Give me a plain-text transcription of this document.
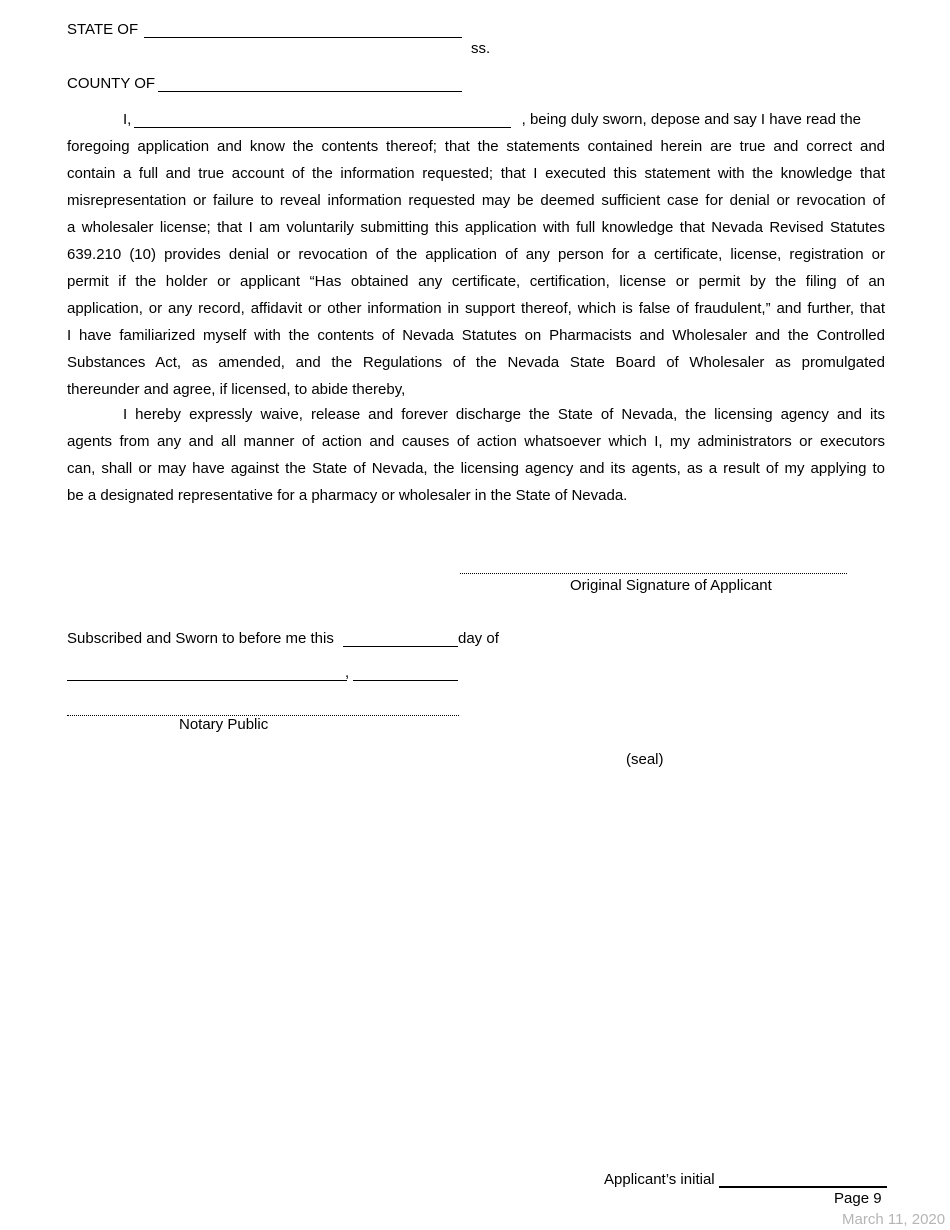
STATE OF
ss.
COUNTY OF
I,	, being duly sworn, depose and say I have read the
foregoing application and know the contents thereof; that the statements contained herein are true and correct and
contain a full and true account of the information requested; that I executed this statement with the knowledge that
misrepresentation or failure to reveal information requested may be deemed sufficient case for denial or revocation of
a wholesaler license; that I am voluntarily submitting this application with full knowledge that Nevada Revised Statutes
639.210 (10) provides denial or revocation of the application of any person for a certificate, license, registration or
permit if the holder or applicant “Has obtained any certificate, certification, license or permit by the filing of an
application, or any record, affidavit or other information in support thereof, which is false of fraudulent,” and further, that
I have familiarized myself with the contents of Nevada Statutes on Pharmacists and Wholesaler and the Controlled
Substances Act, as amended, and the Regulations of the Nevada State Board of Wholesaler as promulgated
thereunder and agree, if licensed, to abide thereby,
I hereby expressly waive, release and forever discharge the State of Nevada, the licensing agency and its
agents from any and all manner of action and causes of action whatsoever which I, my administrators or executors
can, shall or may have against the State of Nevada, the licensing agency and its agents, as a result of my applying to
be a designated representative for a pharmacy or wholesaler in the State of Nevada.
Original Signature of Applicant
Subscribed and Sworn to before me this	day of
,
Notary Public
(seal)
Applicant’s initial
Page 9
March 11, 2020
